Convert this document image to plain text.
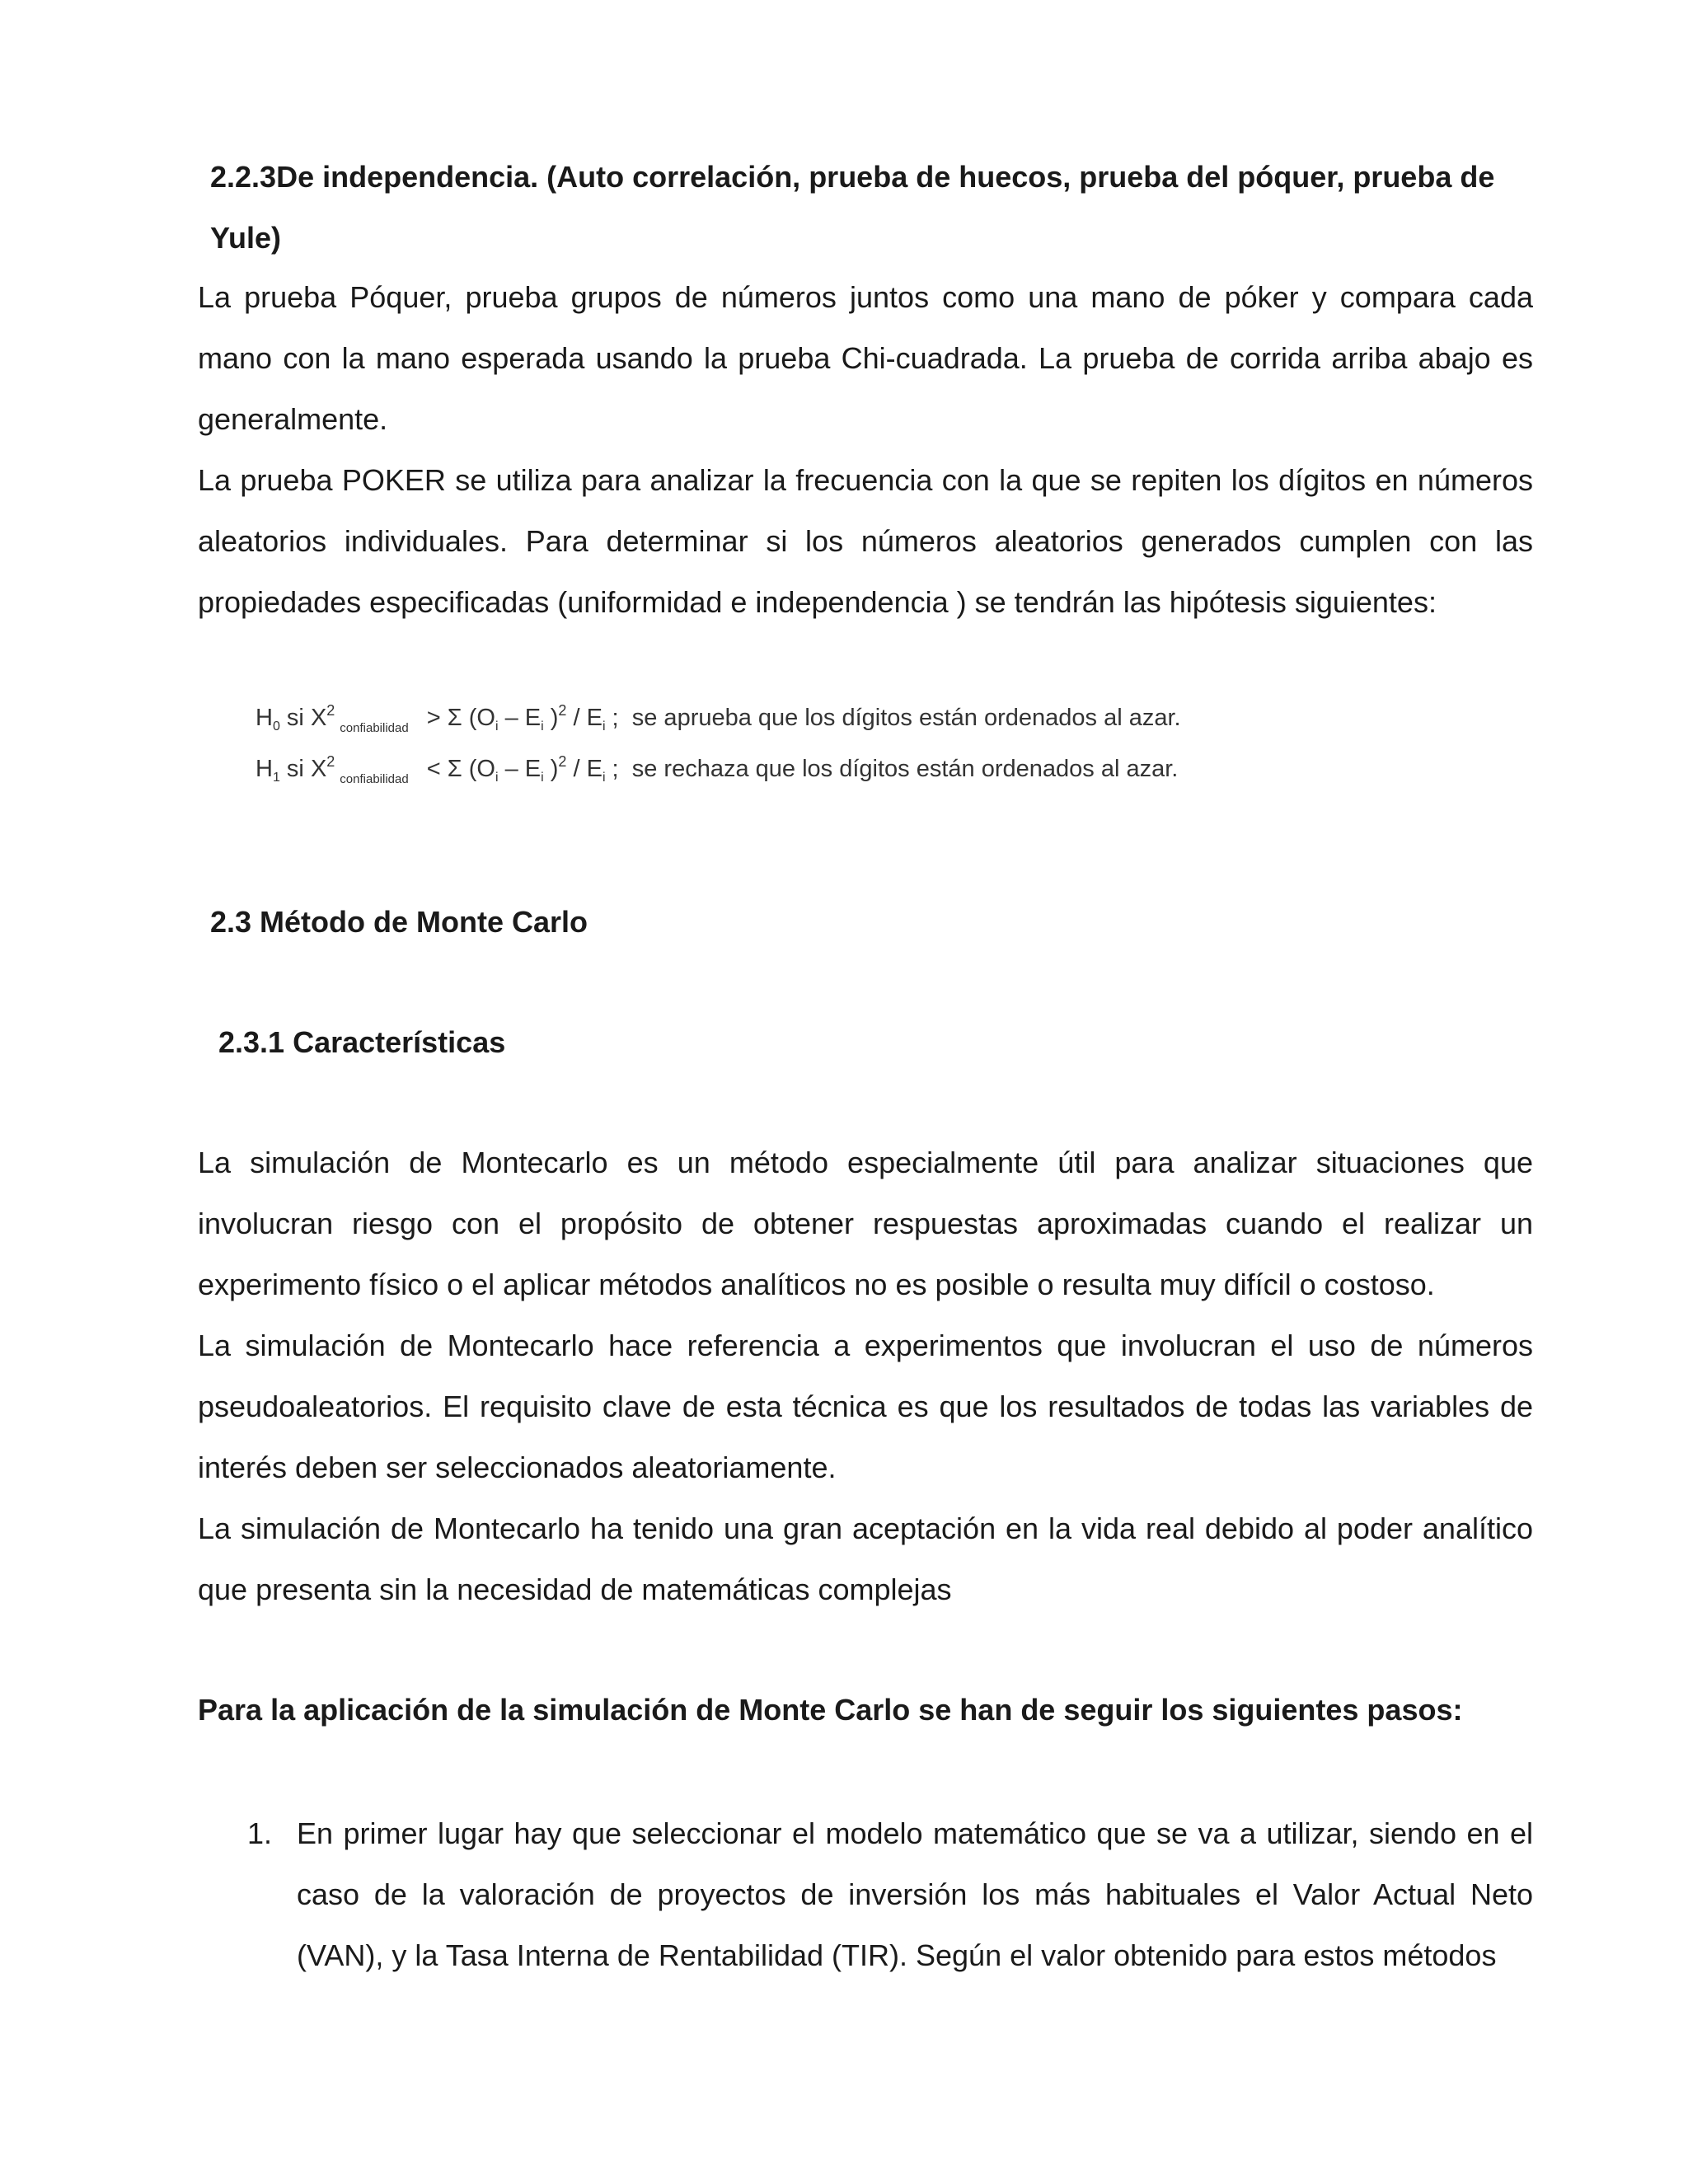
2.2.3De independencia. (Auto correlación, prueba de huecos, prueba del póquer, prueba de Yule)
La prueba Póquer, prueba grupos de números juntos como una mano de póker y compara cada mano con la mano esperada usando la prueba Chi-cuadrada. La prueba de corrida arriba abajo es generalmente.
La prueba POKER se utiliza para analizar la frecuencia con la que se repiten los dígitos en números aleatorios individuales. Para determinar si los números aleatorios generados cumplen con las propiedades especificadas (uniformidad e independencia ) se tendrán las hipótesis siguientes:
$H_0$ si $X^2_{confiabilidad} > \Sigma$ ($O_i - E_i$ )$^2 / E_i$ ; se aprueba que los dígitos están ordenados al azar.
$H_1$ si $X^2_{confiabilidad} < \Sigma$ ($O_i - E_i$ )$^2 / E_i$ ; se rechaza que los dígitos están ordenados al azar.
2.3 Método de Monte Carlo
2.3.1 Características
La simulación de Montecarlo es un método especialmente útil para analizar situaciones que involucran riesgo con el propósito de obtener respuestas aproximadas cuando el realizar un experimento físico o el aplicar métodos analíticos no es posible o resulta muy difícil o costoso.
La simulación de Montecarlo hace referencia a experimentos que involucran el uso de números pseudoaleatorios. El requisito clave de esta técnica es que los resultados de todas las variables de interés deben ser seleccionados aleatoriamente.
La simulación de Montecarlo ha tenido una gran aceptación en la vida real debido al poder analítico que presenta sin la necesidad de matemáticas complejas
Para la aplicación de la simulación de Monte Carlo se han de seguir los siguientes pasos:
1. En primer lugar hay que seleccionar el modelo matemático que se va a utilizar, siendo en el caso de la valoración de proyectos de inversión los más habituales el Valor Actual Neto (VAN), y la Tasa Interna de Rentabilidad (TIR). Según el valor obtenido para estos métodos
